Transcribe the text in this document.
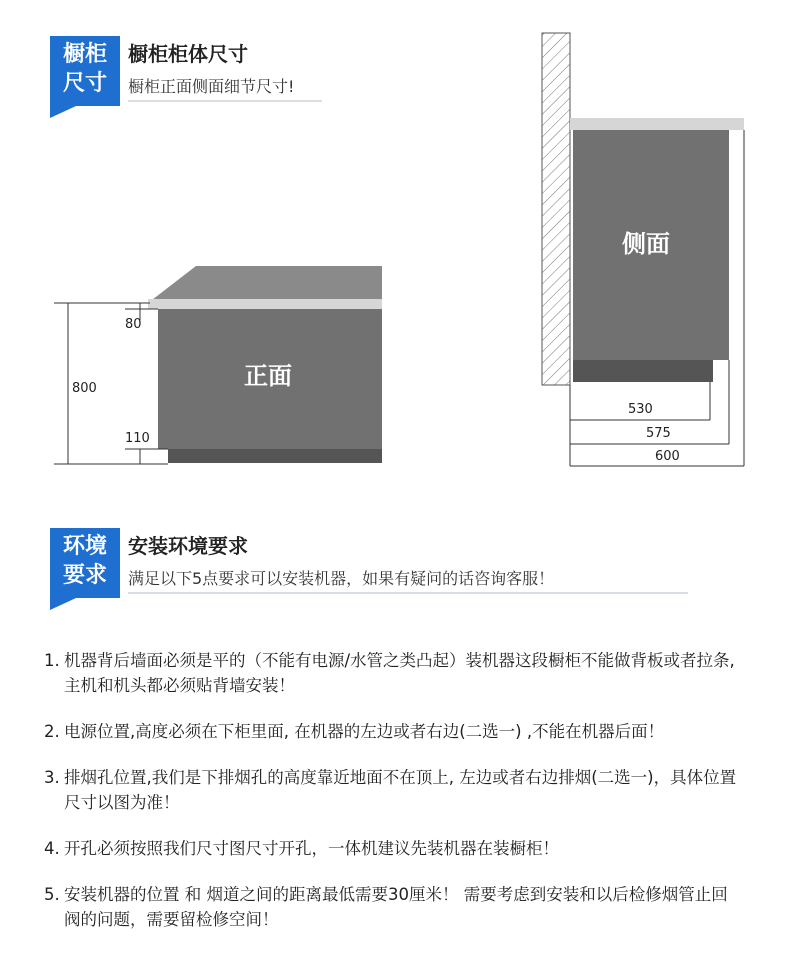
橱柜
尺寸
橱柜柜体尺寸
橱柜正面侧面细节尺寸!
正面
80
800
110
侧面
530
575
600
环境
要求
安装环境要求
满足以下5点要求可以安装机器，如果有疑问的话咨询客服！
1. 机器背后墙面必须是平的（不能有电源/水管之类凸起）装机器这段橱柜不能做背板或者拉条,主机和机头都必须贴背墙安装！
2. 电源位置,高度必须在下柜里面, 在机器的左边或者右边(二选一) ,不能在机器后面！
3. 排烟孔位置,我们是下排烟孔的高度靠近地面不在顶上, 左边或者右边排烟(二选一)，具体位置尺寸以图为准！
4. 开孔必须按照我们尺寸图尺寸开孔，一体机建议先装机器在装橱柜！
5. 安装机器的位置 和 烟道之间的距离最低需要30厘米！ 需要考虑到安装和以后检修烟管止回阀的问题，需要留检修空间！
